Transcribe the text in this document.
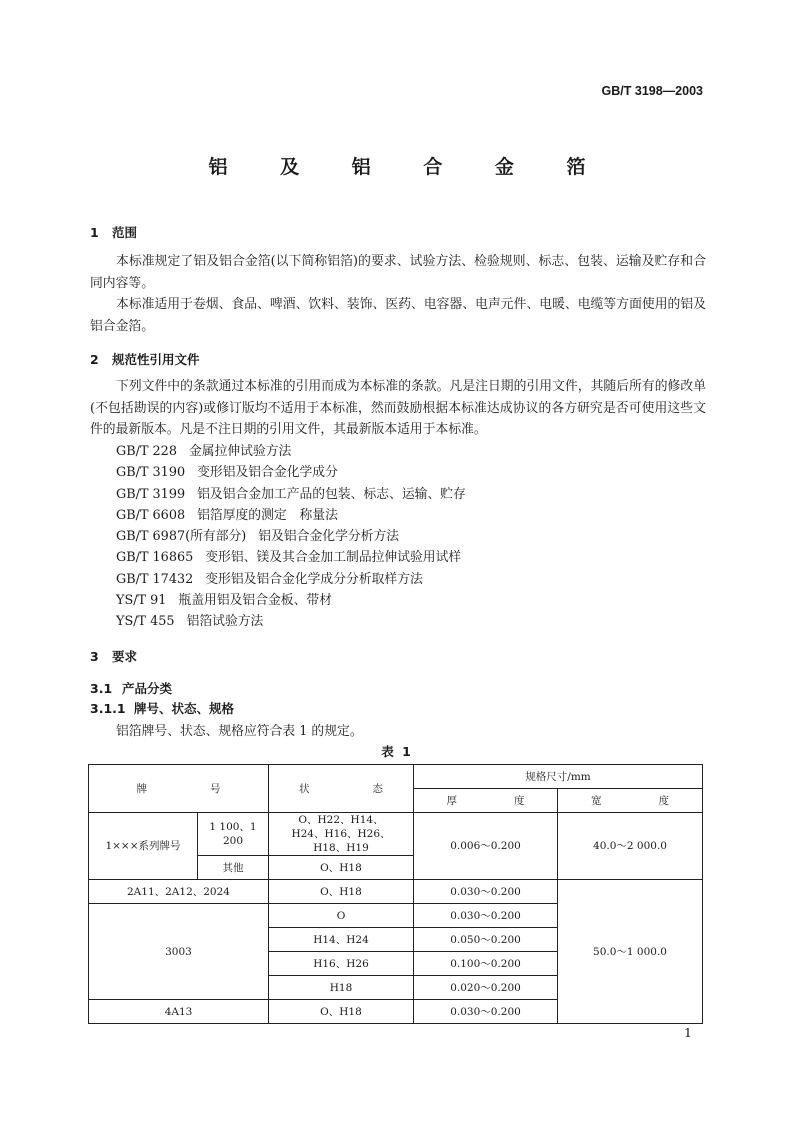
GB/T 3198—2003
铝 及 铝 合 金 箔
1 范围

本标准规定了铝及铝合金箔(以下简称铝箔)的要求、试验方法、检验规则、标志、包装、运输及贮存和合同内容等。

本标准适用于卷烟、食品、啤酒、饮料、装饰、医药、电容器、电声元件、电暖、电缆等方面使用的铝及铝合金箔。

2 规范性引用文件

下列文件中的条款通过本标准的引用而成为本标准的条款。凡是注日期的引用文件，其随后所有的修改单(不包括勘误的内容)或修订版均不适用于本标准，然而鼓励根据本标准达成协议的各方研究是否可使用这些文件的最新版本。凡是不注日期的引用文件，其最新版本适用于本标准。

GB/T 228 金属拉伸试验方法
GB/T 3190 变形铝及铝合金化学成分
GB/T 3199 铝及铝合金加工产品的包装、标志、运输、贮存
GB/T 6608 铝箔厚度的测定　称量法
GB/T 6987(所有部分) 铝及铝合金化学分析方法
GB/T 16865 变形铝、镁及其合金加工制品拉伸试验用试样
GB/T 17432 变形铝及铝合金化学成分分析取样方法
YS/T 91 瓶盖用铝及铝合金板、带材
YS/T 455 铝箔试验方法
3 要求
3.1 产品分类
3.1.1 牌号、状态、规格
铝箔牌号、状态、规格应符合表 1 的规定。
表 1
牌　　号		状　　态	规格尺寸/mm	
			厚　　度	宽　　度
1×××系列牌号	1 100、1 200	O、H22、H14、H24、H16、H26、H18、H19	0.006～0.200	40.0～2 000.0
	其他	O、H18		
2A11、2A12、2024		O、H18	0.030～0.200	50.0～1 000.0
3003		O	0.030～0.200	
		H14、H24	0.050～0.200	
		H16、H26	0.100～0.200	
		H18	0.020～0.200	
4A13		O、H18	0.030～0.200	
1
